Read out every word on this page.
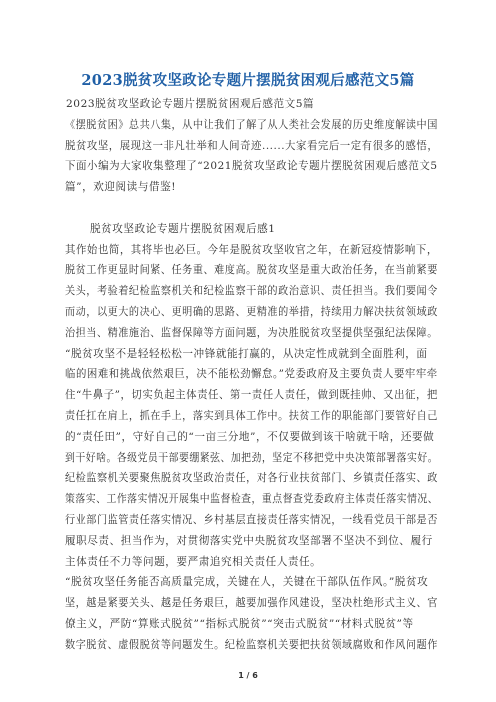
2023脱贫攻坚政论专题片摆脱贫困观后感范文5篇
2023脱贫攻坚政论专题片摆脱贫困观后感范文5篇
《摆脱贫困》总共八集，从中让我们了解了从人类社会发展的历史维度解读中国
脱贫攻坚，展现这一非凡壮举和人间奇迹......大家看完后一定有很多的感悟，
下面小编为大家收集整理了“2021脱贫攻坚政论专题片摆脱贫困观后感范文5
篇”，欢迎阅读与借鉴!
脱贫攻坚政论专题片摆脱贫困观后感1
其作始也简，其将毕也必巨。今年是脱贫攻坚收官之年，在新冠疫情影响下，
脱贫工作更显时间紧、任务重、难度高。脱贫攻坚是重大政治任务，在当前紧要
关头，考验着纪检监察机关和纪检监察干部的政治意识、责任担当。我们要闻令
而动，以更大的决心、更明确的思路、更精准的举措，持续用力解决扶贫领域政
治担当、精准施治、监督保障等方面问题，为决胜脱贫攻坚提供坚强纪法保障。
“脱贫攻坚不是轻轻松松一冲锋就能打赢的，从决定性成就到全面胜利，面
临的困难和挑战依然艰巨，决不能松劲懈怠。”党委政府及主要负责人要牢牢牵
住“牛鼻子”，切实负起主体责任、第一责任人责任，做到既挂帅、又出征，把
责任扛在肩上，抓在手上，落实到具体工作中。扶贫工作的职能部门要管好自己
的“责任田”，守好自己的“一亩三分地”，不仅要做到该干啥就干啥，还要做
到干好啥。各级党员干部要绷紧弦、加把劲，坚定不移把党中央决策部署落实好。
纪检监察机关要聚焦脱贫攻坚政治责任，对各行业扶贫部门、乡镇责任落实、政
策落实、工作落实情况开展集中监督检查，重点督查党委政府主体责任落实情况、
行业部门监管责任落实情况、乡村基层直接责任落实情况，一线看党员干部是否
履职尽责、担当作为，对贯彻落实党中央脱贫攻坚部署不坚决不到位、履行
主体责任不力等问题，要严肃追究相关责任人责任。
“脱贫攻坚任务能否高质量完成，关键在人，关键在干部队伍作风。”脱贫攻
坚，越是紧要关头、越是任务艰巨，越要加强作风建设，坚决杜绝形式主义、官
僚主义，严防“算账式脱贫”“指标式脱贫”“突击式脱贫”“材料式脱贫”等
数字脱贫、虚假脱贫等问题发生。纪检监察机关要把扶贫领域腐败和作风问题作
1 / 6
